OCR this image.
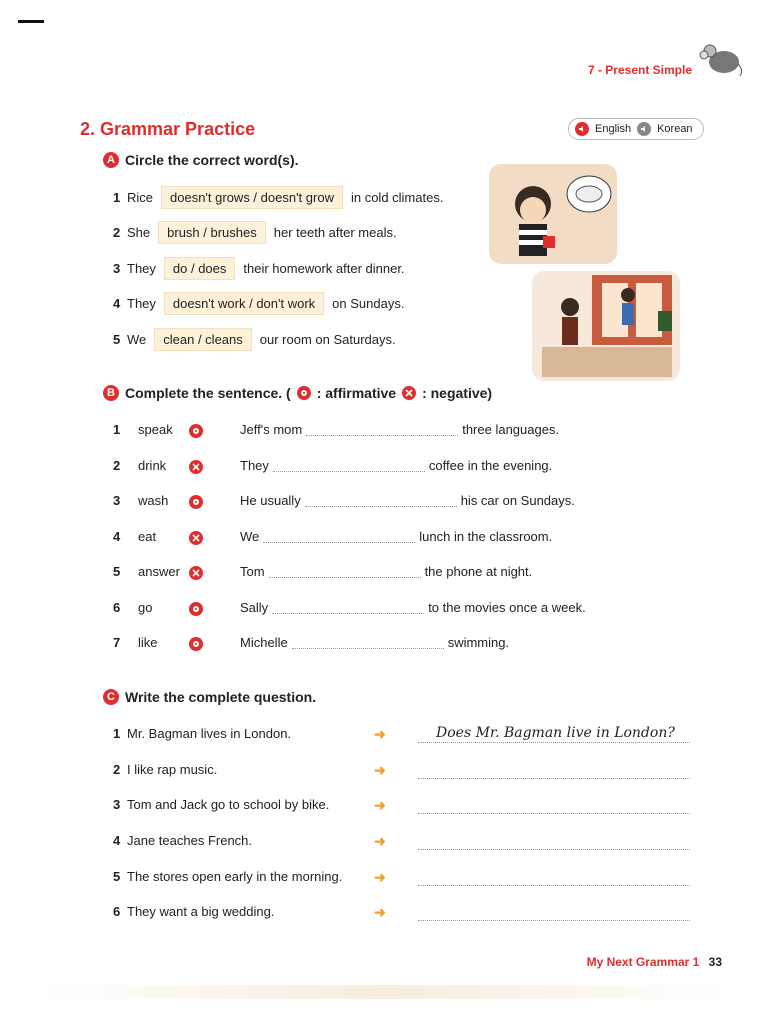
7 - Present Simple
2. Grammar Practice	English Korean
A Circle the correct word(s).
1 Rice	doesn't grows / doesn't grow	in cold climates.
2 She	brush / brushes	her teeth after meals.
3 They	do / does	their homework after dinner.
4 They	doesn't work / don't work	on Sundays.
5 We	clean / cleans	our room on Saturdays.
B Complete the sentence. ( : affirmative : negative)
1	speak	Jeff's mom	three languages.
2	drink	They	coffee in the evening.
3	wash	He usually	his car on Sundays.
4	eat	We	lunch in the classroom.
5	answer	Tom	the phone at night.
6	go	Sally	to the movies once a week.
7	like	Michelle	swimming.
C Write the complete question.
1 Mr. Bagman lives in London.	➜	Does Mr. Bagman live in London?
2 I like rap music.	➜
3 Tom and Jack go to school by bike.	➜
4 Jane teaches French.	➜
5 The stores open early in the morning. ➜
6 They want a big wedding.	➜
My Next Grammar 1 33
